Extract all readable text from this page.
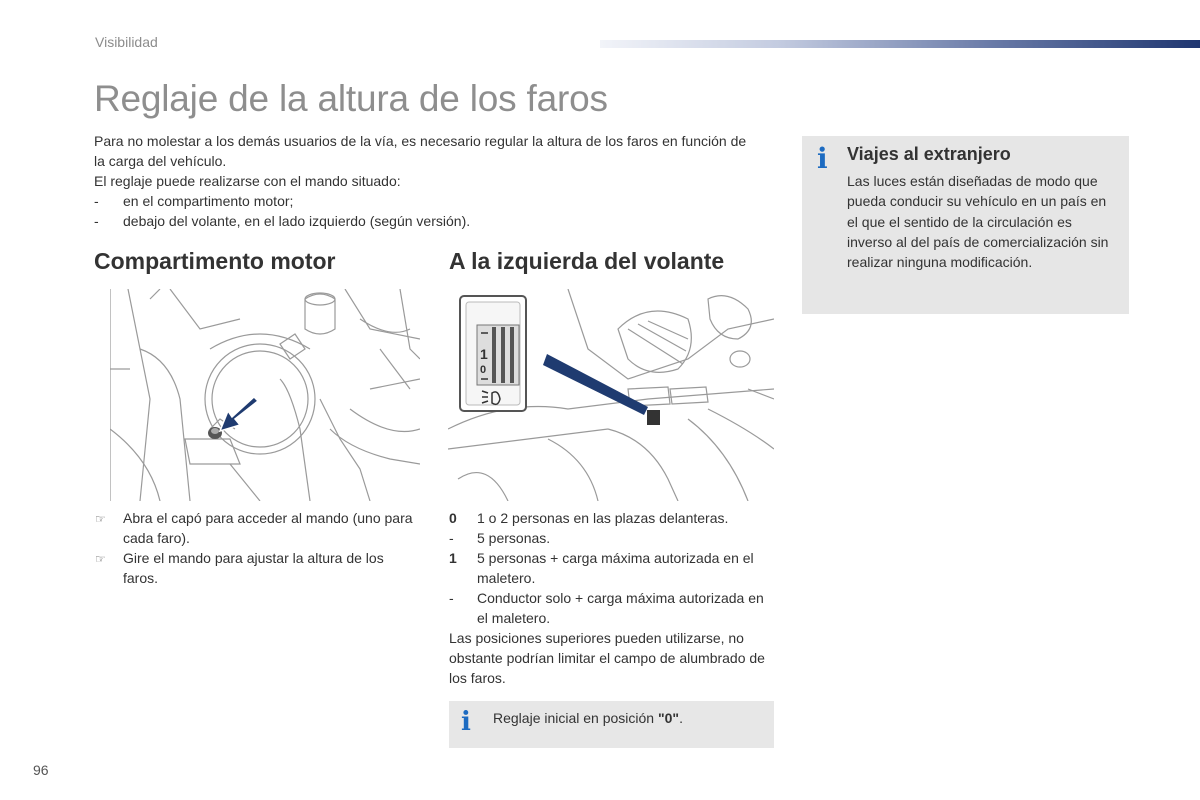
Visibilidad
Reglaje de la altura de los faros

Para no molestar a los demás usuarios de la vía, es necesario regular la altura de los faros en función de la carga del vehículo.

El reglaje puede realizarse con el mando situado:

-	en el compartimento motor;
-	debajo del volante, en el lado izquierdo (según versión).
Compartimento motor	A la izquierda del volante
1
0
☞	Abra el capó para acceder al mando (uno para cada faro).
☞	Gire el mando para ajustar la altura de los faros.
0	1 o 2 personas en las plazas delanteras.
-	5 personas.
1	5 personas + carga máxima autorizada en el maletero.
-	Conductor solo + carga máxima autorizada en el maletero.
Las posiciones superiores pueden utilizarse, no obstante podrían limitar el campo de alumbrado de los faros.
i Reglaje inicial en posición "0".
i Viajes al extranjero
Las luces están diseñadas de modo que pueda conducir su vehículo en un país en el que el sentido de la circulación es inverso al del país de comercialización sin realizar ninguna modificación.
96
